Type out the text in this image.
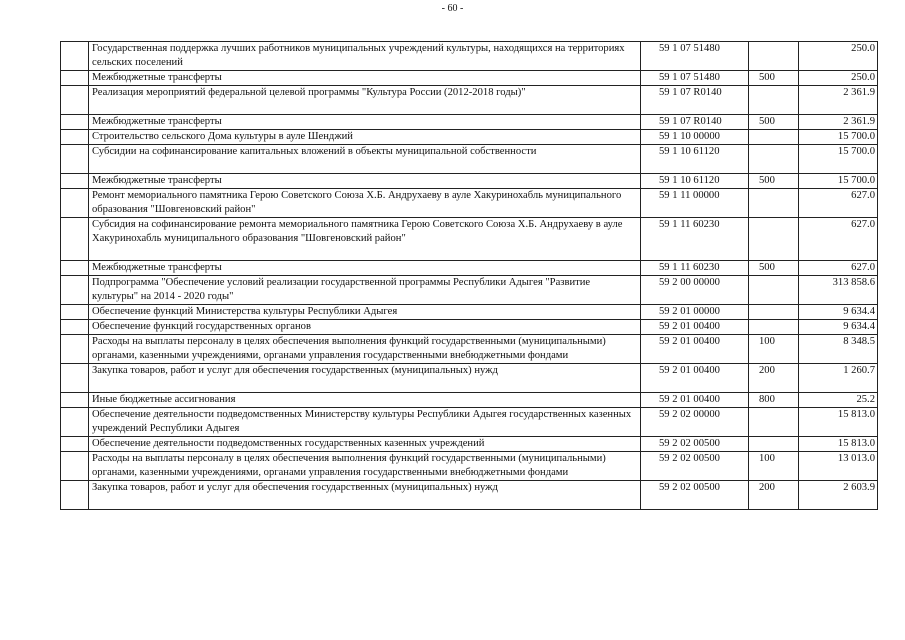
- 60 -
	Государственная поддержка лучших работников муниципальных учреждений культуры, находящихся на территориях сельских поселений	59 1 07 51480		250.0
	Межбюджетные трансферты	59 1 07 51480	500	250.0
	Реализация мероприятий федеральной целевой программы "Культура России (2012-2018 годы)"	59 1 07 R0140		2 361.9
	Межбюджетные трансферты	59 1 07 R0140	500	2 361.9
	Строительство сельского Дома культуры в ауле Шенджий	59 1 10 00000		15 700.0
	Субсидии на софинансирование капитальных вложений в объекты муниципальной собственности	59 1 10 61120		15 700.0
	Межбюджетные трансферты	59 1 10 61120	500	15 700.0
	Ремонт мемориального памятника Герою Советского Союза Х.Б. Андрухаеву в ауле Хакуринохабль муниципального образования "Шовгеновский район"	59 1 11 00000		627.0
	Субсидия на софинансирование ремонта мемориального памятника Герою Советского Союза Х.Б. Андрухаеву в ауле Хакуринохабль муниципального образования "Шовгеновский район"	59 1 11 60230		627.0
	Межбюджетные трансферты	59 1 11 60230	500	627.0
	Подпрограмма "Обеспечение условий реализации государственной программы Республики Адыгея "Развитие культуры" на 2014 - 2020 годы"	59 2 00 00000		313 858.6
	Обеспечение функций Министерства культуры Республики Адыгея	59 2 01 00000		9 634.4
	Обеспечение функций государственных органов	59 2 01 00400		9 634.4
	Расходы на выплаты персоналу в целях обеспечения выполнения функций государственными (муниципальными) органами, казенными учреждениями, органами управления государственными внебюджетными фондами	59 2 01 00400	100	8 348.5
	Закупка товаров, работ и услуг для обеспечения государственных (муниципальных) нужд	59 2 01 00400	200	1 260.7
	Иные бюджетные ассигнования	59 2 01 00400	800	25.2
	Обеспечение деятельности подведомственных Министерству культуры Республики Адыгея государственных казенных учреждений Республики Адыгея	59 2 02 00000		15 813.0
	Обеспечение деятельности подведомственных государственных казенных учреждений	59 2 02 00500		15 813.0
	Расходы на выплаты персоналу в целях обеспечения выполнения функций государственными (муниципальными) органами, казенными учреждениями, органами управления государственными внебюджетными фондами	59 2 02 00500	100	13 013.0
	Закупка товаров, работ и услуг для обеспечения государственных (муниципальных) нужд	59 2 02 00500	200	2 603.9
